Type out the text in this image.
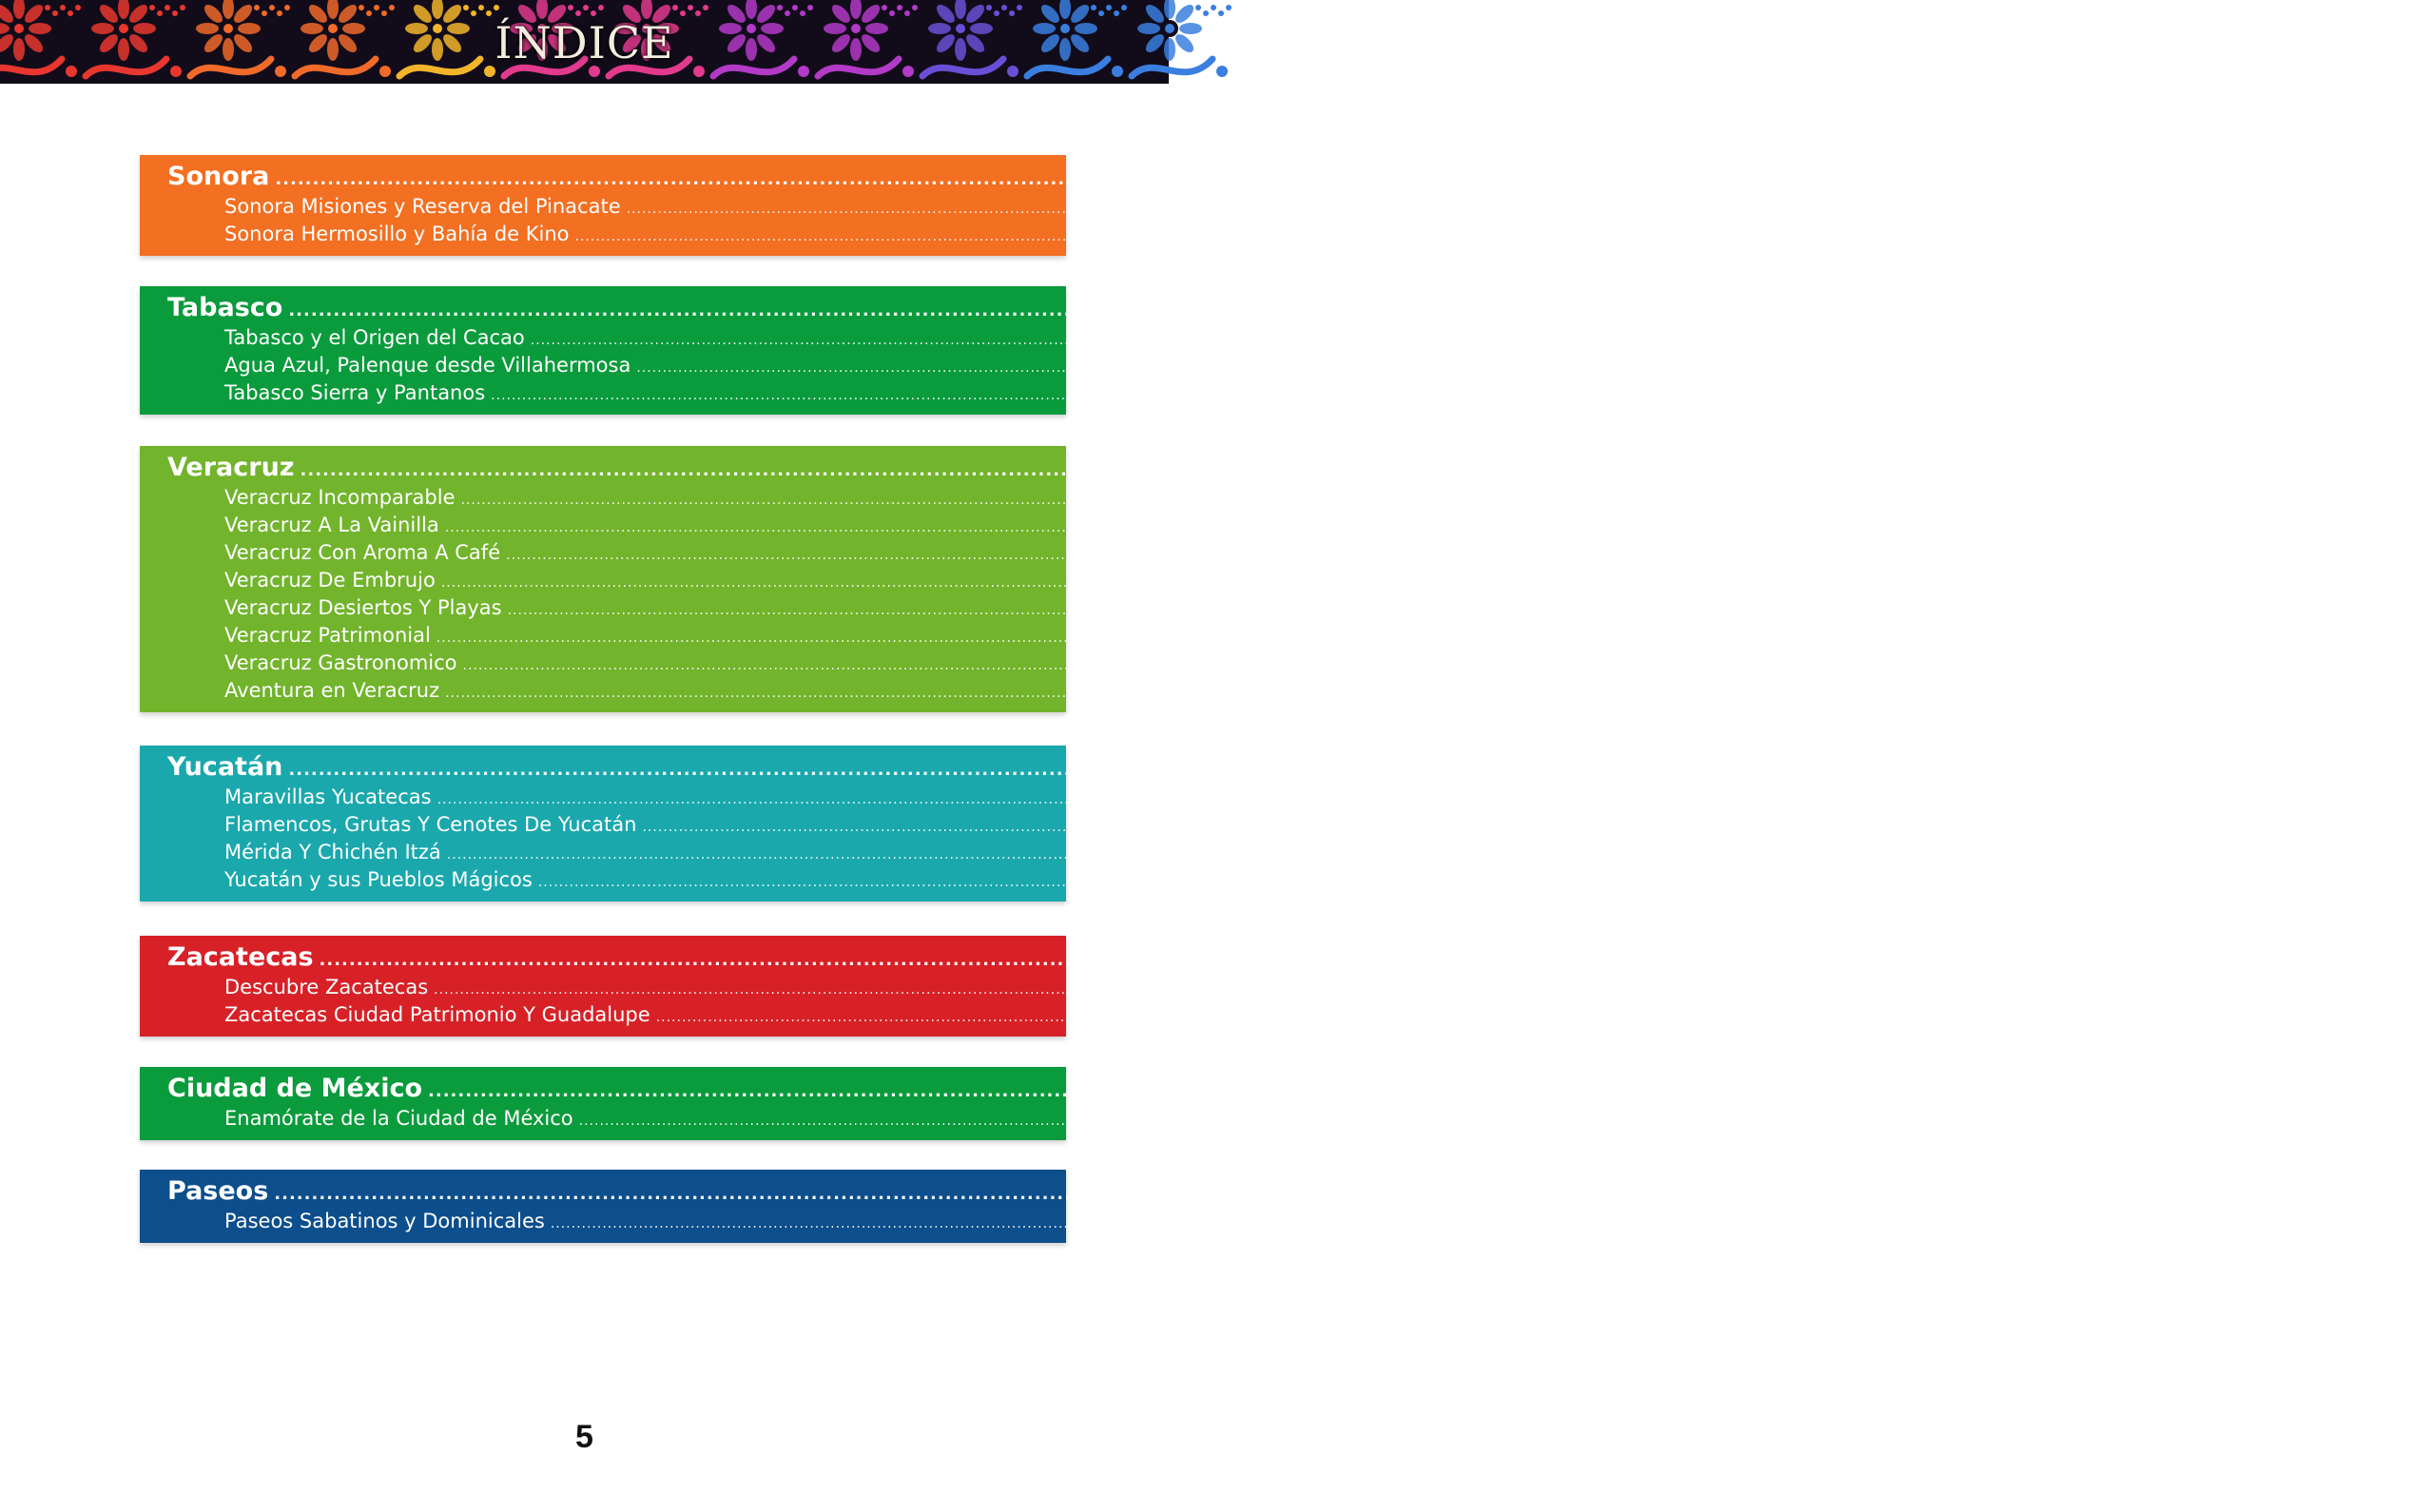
ÍNDICE
Sonora .................................................................................................................................................................................................................................................................... 82
Sonora Misiones y Reserva del Pinacate .................................................................................................................................................................................................................................................................... 82
Sonora Hermosillo y Bahía de Kino .................................................................................................................................................................................................................................................................... 83
Tabasco .................................................................................................................................................................................................................................................................... 84
Tabasco y el Origen del Cacao .................................................................................................................................................................................................................................................................... 84
Agua Azul, Palenque desde Villahermosa .................................................................................................................................................................................................................................................................... 85
Tabasco Sierra y Pantanos .................................................................................................................................................................................................................................................................... 86
Veracruz .................................................................................................................................................................................................................................................................... 87
Veracruz Incomparable .................................................................................................................................................................................................................................................................... 87
Veracruz A La Vainilla .................................................................................................................................................................................................................................................................... 88
Veracruz Con Aroma A Café .................................................................................................................................................................................................................................................................... 89
Veracruz De Embrujo .................................................................................................................................................................................................................................................................... 90
Veracruz Desiertos Y Playas .................................................................................................................................................................................................................................................................... 91
Veracruz Patrimonial .................................................................................................................................................................................................................................................................... 92
Veracruz Gastronomico .................................................................................................................................................................................................................................................................... 93
Aventura en Veracruz .................................................................................................................................................................................................................................................................... 94
Yucatán .................................................................................................................................................................................................................................................................... 95
Maravillas Yucatecas .................................................................................................................................................................................................................................................................... 95
Flamencos, Grutas Y Cenotes De Yucatán .................................................................................................................................................................................................................................................................... 96
Mérida Y Chichén Itzá .................................................................................................................................................................................................................................................................... 97
Yucatán y sus Pueblos Mágicos .................................................................................................................................................................................................................................................................... 98
Zacatecas .................................................................................................................................................................................................................................................................... 99
Descubre Zacatecas .................................................................................................................................................................................................................................................................... 99
Zacatecas Ciudad Patrimonio Y Guadalupe .................................................................................................................................................................................................................................................................... 100
Ciudad de México .................................................................................................................................................................................................................................................................... 101
Enamórate de la Ciudad de México .................................................................................................................................................................................................................................................................... 101
Paseos .................................................................................................................................................................................................................................................................... 102
Paseos Sabatinos y Dominicales .................................................................................................................................................................................................................................................................... 102
5
